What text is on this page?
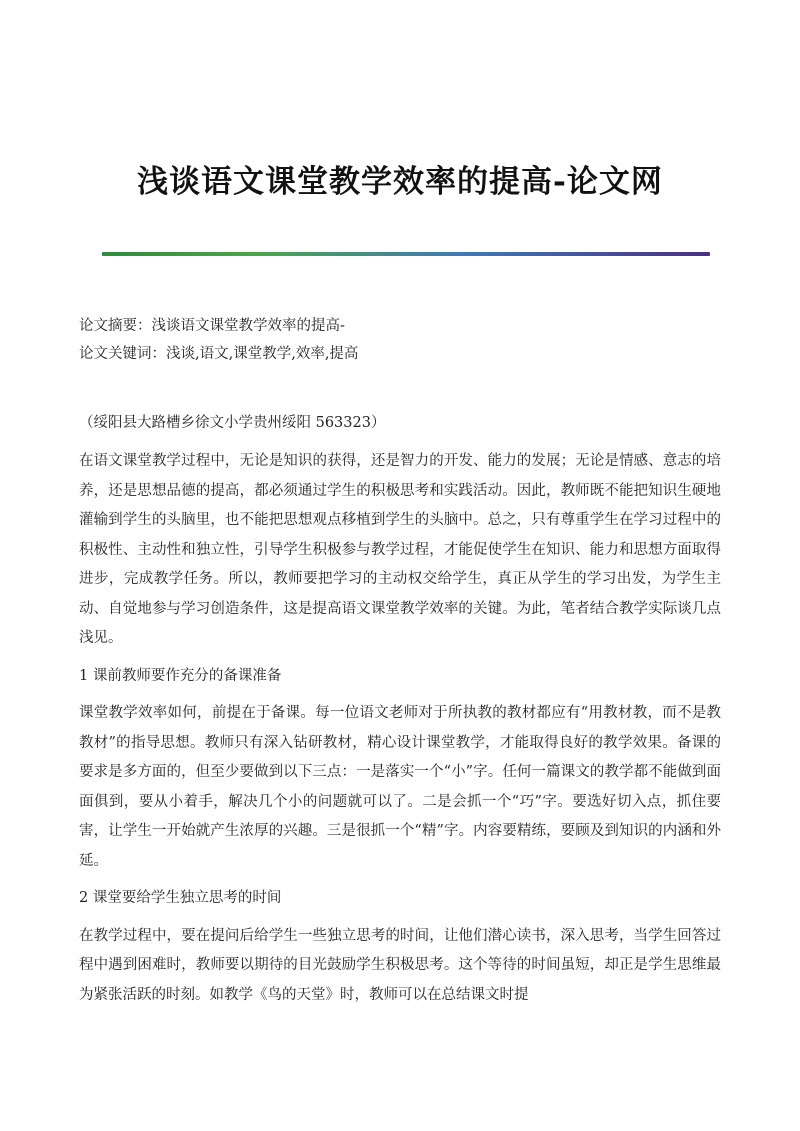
浅谈语文课堂教学效率的提高-论文网
论文摘要：浅谈语文课堂教学效率的提高-
论文关键词：浅谈,语文,课堂教学,效率,提高
（绥阳县大路槽乡徐文小学贵州绥阳 563323）

在语文课堂教学过程中，无论是知识的获得，还是智力的开发、能力的发展；无论是情感、意志的培养，还是思想品德的提高，都必须通过学生的积极思考和实践活动。因此，教师既不能把知识生硬地灌输到学生的头脑里，也不能把思想观点移植到学生的头脑中。总之，只有尊重学生在学习过程中的积极性、主动性和独立性，引导学生积极参与教学过程，才能促使学生在知识、能力和思想方面取得进步，完成教学任务。所以，教师要把学习的主动权交给学生，真正从学生的学习出发，为学生主动、自觉地参与学习创造条件，这是提高语文课堂教学效率的关键。为此，笔者结合教学实际谈几点浅见。

1 课前教师要作充分的备课准备

课堂教学效率如何，前提在于备课。每一位语文老师对于所执教的教材都应有“用教材教，而不是教教材”的指导思想。教师只有深入钻研教材，精心设计课堂教学，才能取得良好的教学效果。备课的要求是多方面的，但至少要做到以下三点：一是落实一个“小”字。任何一篇课文的教学都不能做到面面俱到，要从小着手，解决几个小的问题就可以了。二是会抓一个“巧”字。要选好切入点，抓住要害，让学生一开始就产生浓厚的兴趣。三是很抓一个“精”字。内容要精练，要顾及到知识的内涵和外延。

2 课堂要给学生独立思考的时间

在教学过程中，要在提问后给学生一些独立思考的时间，让他们潜心读书，深入思考，当学生回答过程中遇到困难时，教师要以期待的目光鼓励学生积极思考。这个等待的时间虽短，却正是学生思维最为紧张活跃的时刻。如教学《鸟的天堂》时，教师可以在总结课文时提
